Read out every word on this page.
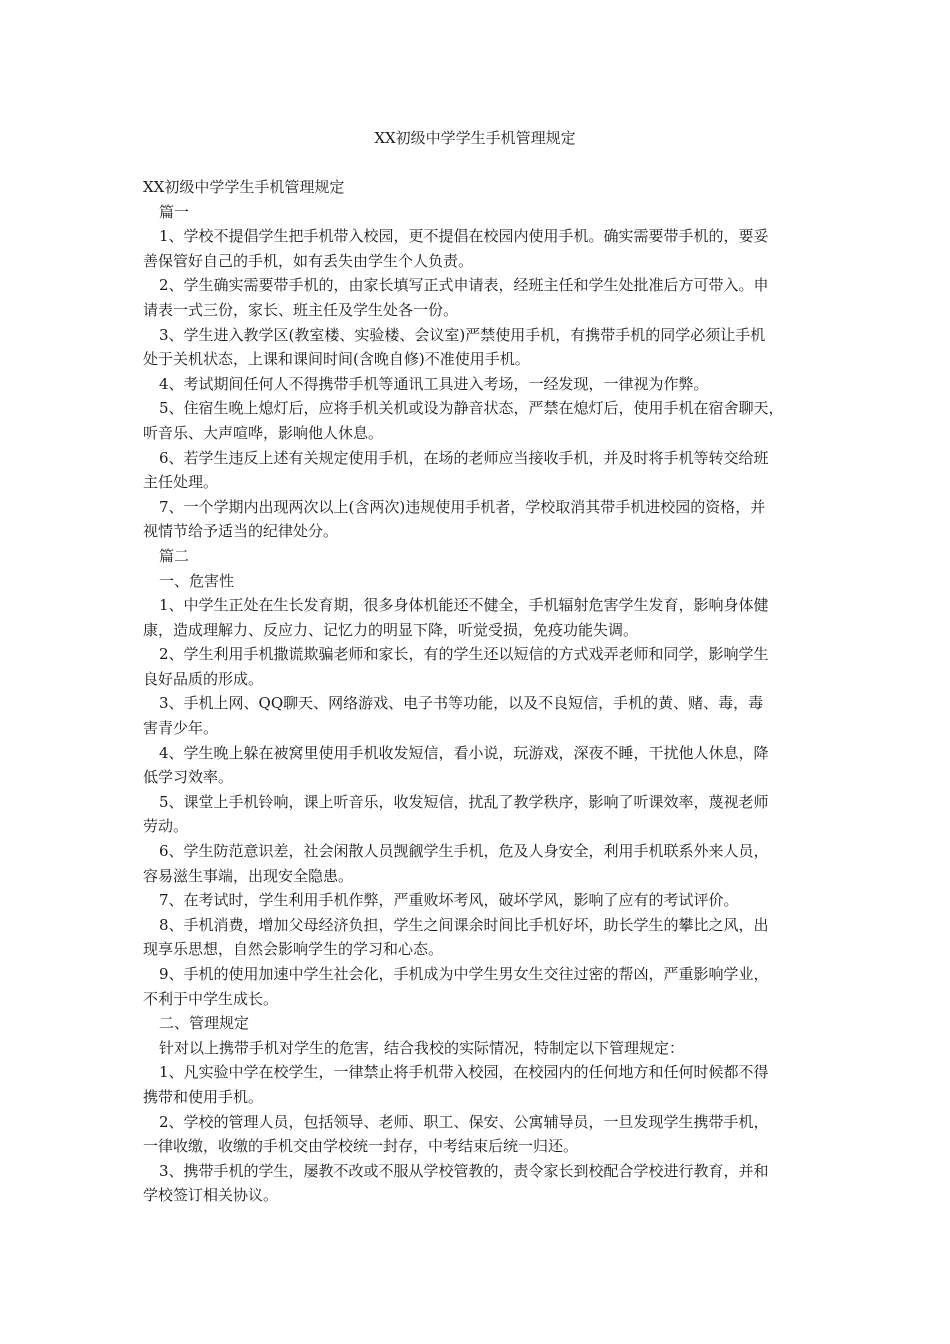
XX初级中学学生手机管理规定
XX初级中学学生手机管理规定
篇一
1、学校不提倡学生把手机带入校园，更不提倡在校园内使用手机。确实需要带手机的，要妥
善保管好自己的手机，如有丢失由学生个人负责。
2、学生确实需要带手机的，由家长填写正式申请表，经班主任和学生处批准后方可带入。申
请表一式三份，家长、班主任及学生处各一份。
3、学生进入教学区(教室楼、实验楼、会议室)严禁使用手机，有携带手机的同学必须让手机
处于关机状态，上课和课间时间(含晚自修)不准使用手机。
4、考试期间任何人不得携带手机等通讯工具进入考场，一经发现，一律视为作弊。
5、住宿生晚上熄灯后，应将手机关机或设为静音状态，严禁在熄灯后，使用手机在宿舍聊天，
听音乐、大声喧哗，影响他人休息。
6、若学生违反上述有关规定使用手机，在场的老师应当接收手机，并及时将手机等转交给班
主任处理。
7、一个学期内出现两次以上(含两次)违规使用手机者，学校取消其带手机进校园的资格，并
视情节给予适当的纪律处分。
篇二
一、危害性
1、中学生正处在生长发育期，很多身体机能还不健全，手机辐射危害学生发育，影响身体健
康，造成理解力、反应力、记忆力的明显下降，听觉受损，免疫功能失调。
2、学生利用手机撒谎欺骗老师和家长，有的学生还以短信的方式戏弄老师和同学，影响学生
良好品质的形成。
3、手机上网、QQ聊天、网络游戏、电子书等功能，以及不良短信，手机的黄、赌、毒，毒
害青少年。
4、学生晚上躲在被窝里使用手机收发短信，看小说，玩游戏，深夜不睡，干扰他人休息，降
低学习效率。
5、课堂上手机铃响，课上听音乐，收发短信，扰乱了教学秩序，影响了听课效率，蔑视老师
劳动。
6、学生防范意识差，社会闲散人员觊觎学生手机，危及人身安全，利用手机联系外来人员，
容易滋生事端，出现安全隐患。
7、在考试时，学生利用手机作弊，严重败坏考风，破坏学风，影响了应有的考试评价。
8、手机消费，增加父母经济负担，学生之间课余时间比手机好坏，助长学生的攀比之风，出
现享乐思想，自然会影响学生的学习和心态。
9、手机的使用加速中学生社会化，手机成为中学生男女生交往过密的帮凶，严重影响学业，
不利于中学生成长。
二、管理规定
针对以上携带手机对学生的危害，结合我校的实际情况，特制定以下管理规定：
1、凡实验中学在校学生，一律禁止将手机带入校园，在校园内的任何地方和任何时候都不得
携带和使用手机。
2、学校的管理人员，包括领导、老师、职工、保安、公寓辅导员，一旦发现学生携带手机，
一律收缴，收缴的手机交由学校统一封存，中考结束后统一归还。
3、携带手机的学生，屡教不改或不服从学校管教的，责令家长到校配合学校进行教育，并和
学校签订相关协议。
